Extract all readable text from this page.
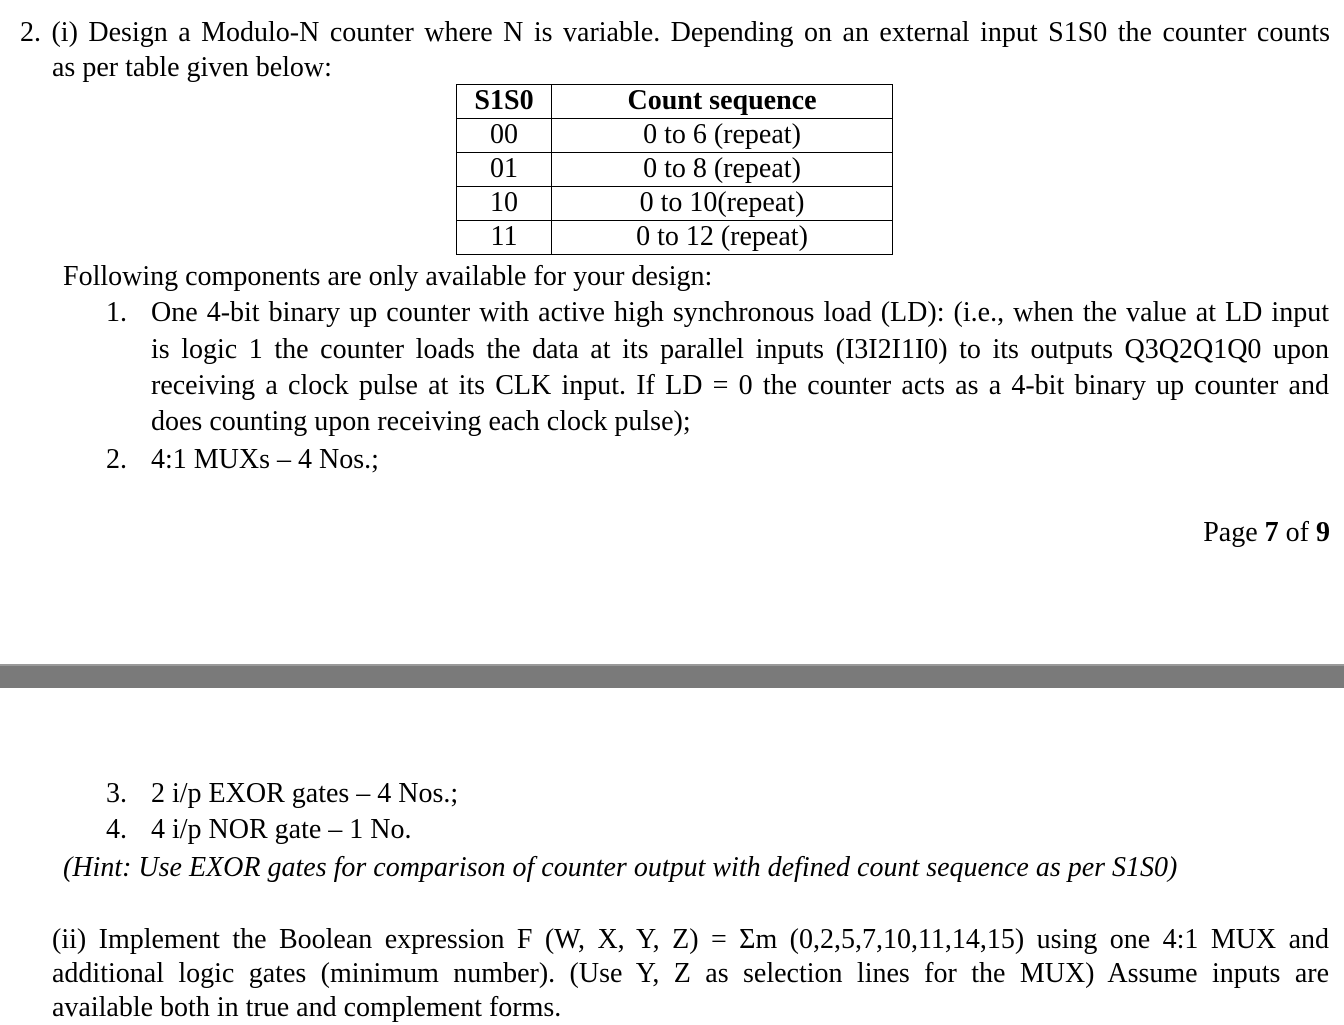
2. (i) Design a Modulo-N counter where N is variable. Depending on an external input S1S0 the counter counts
as per table given below:
S1S0	Count sequence
00	0 to 6 (repeat)
01	0 to 8 (repeat)
10	0 to 10(repeat)
11	0 to 12 (repeat)
Following components are only available for your design:
1. One 4-bit binary up counter with active high synchronous load (LD): (i.e., when the value at LD input
is logic 1 the counter loads the data at its parallel inputs (I3I2I1I0) to its outputs Q3Q2Q1Q0 upon
receiving a clock pulse at its CLK input. If LD = 0 the counter acts as a 4-bit binary up counter and
does counting upon receiving each clock pulse);
2. 4:1 MUXs – 4 Nos.;
Page 7 of 9
3. 2 i/p EXOR gates – 4 Nos.;
4. 4 i/p NOR gate – 1 No.
(Hint: Use EXOR gates for comparison of counter output with defined count sequence as per S1S0)
(ii) Implement the Boolean expression F (W, X, Y, Z) = Σm (0,2,5,7,10,11,14,15) using one 4:1 MUX and
additional logic gates (minimum number). (Use Y, Z as selection lines for the MUX) Assume inputs are
available both in true and complement forms.
